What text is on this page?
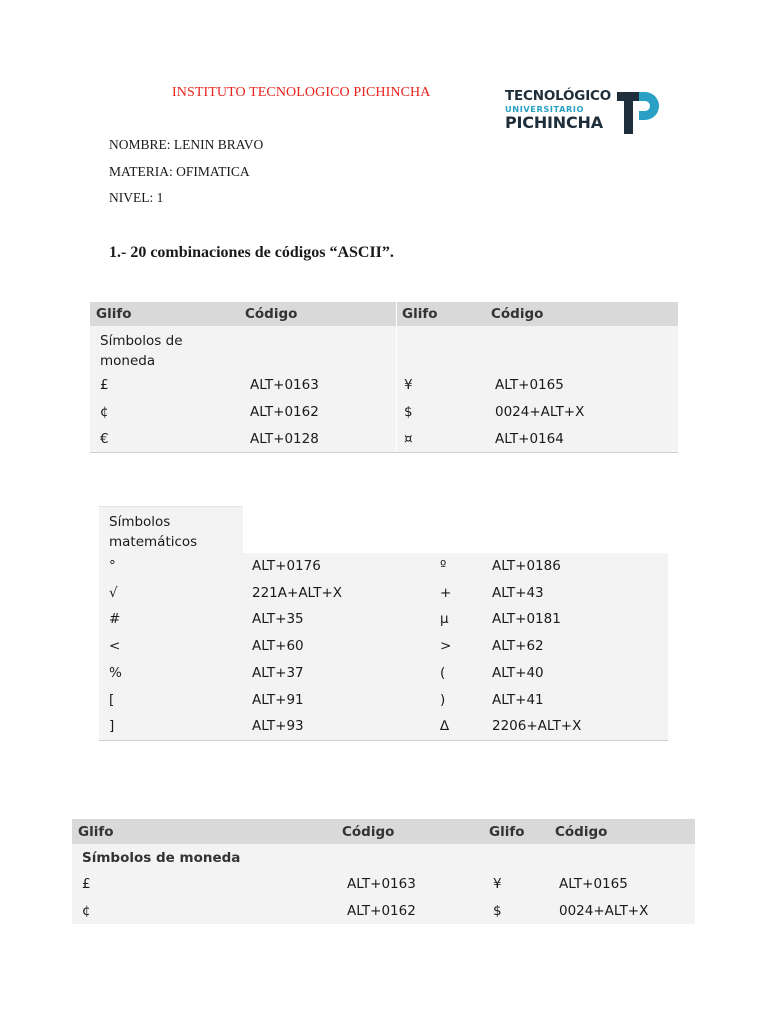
INSTITUTO TECNOLOGICO PICHINCHA
NOMBRE: LENIN BRAVO
MATERIA: OFIMATICA
NIVEL: 1
TECNOLÓGICO
UNIVERSITARIO
PICHINCHA
1.- 20 combinaciones de códigos “ASCII”.
Glifo	Código	Glifo	Código
Símbolos de moneda
£	ALT+0163	¥	ALT+0165
¢	ALT+0162	$	0024+ALT+X
€	ALT+0128	¤	ALT+0164
Símbolos matemáticos
°	ALT+0176	º	ALT+0186
√	221A+ALT+X	+	ALT+43
#	ALT+35	µ	ALT+0181
<	ALT+60	>	ALT+62
%	ALT+37	(	ALT+40
[	ALT+91	)	ALT+41
]	ALT+93	∆	2206+ALT+X
Glifo	Código	Glifo Código
Símbolos de moneda
£	ALT+0163	¥	ALT+0165
¢	ALT+0162	$	0024+ALT+X
